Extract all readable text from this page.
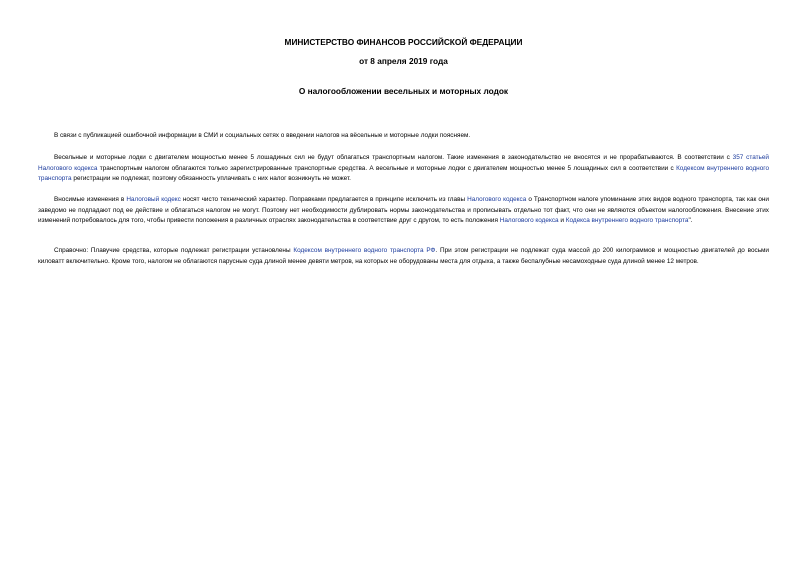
МИНИСТЕРСТВО ФИНАНСОВ РОССИЙСКОЙ ФЕДЕРАЦИИ
от 8 апреля 2019 года
О налогообложении весельных и моторных лодок

В связи с публикацией ошибочной информации в СМИ и социальных сетях о введении налогов на вёсельные и моторные лодки поясняем.

Весельные и моторные лодки с двигателем мощностью менее 5 лошадиных сил не будут облагаться транспортным налогом. Такие изменения в законодательство не вносятся и не прорабатываются. В соответствии с 357 статьей Налогового кодекса транспортным налогом облагаются только зарегистрированные транспортные средства. А весельные и моторные лодки с двигателем мощностью менее 5 лошадиных сил в соответствии с Кодексом внутреннего водного транспорта регистрации не подлежат, поэтому обязанность уплачивать с них налог возникнуть не может.

Вносимые изменения в Налоговый кодекс носят чисто технический характер. Поправками предлагается в принципе исключить из главы Налогового кодекса о Транспортном налоге упоминание этих видов водного транспорта, так как они заведомо не подпадают под ее действие и облагаться налогом не могут. Поэтому нет необходимости дублировать нормы законодательства и прописывать отдельно тот факт, что они не являются объектом налогообложения. Внесение этих изменений потребовалось для того, чтобы привести положения в различных отраслях законодательства в соответствие друг с другом, то есть положения Налогового кодекса и Кодекса внутреннего водного транспорта".

Справочно: Плавучие средства, которые подлежат регистрации установлены Кодексом внутреннего водного транспорта РФ. При этом регистрации не подлежат суда массой до 200 килограммов и мощностью двигателей до восьми киловатт включительно. Кроме того, налогом не облагаются парусные суда длиной менее девяти метров, на которых не оборудованы места для отдыха, а также беспалубные несамоходные суда длиной менее 12 метров.
